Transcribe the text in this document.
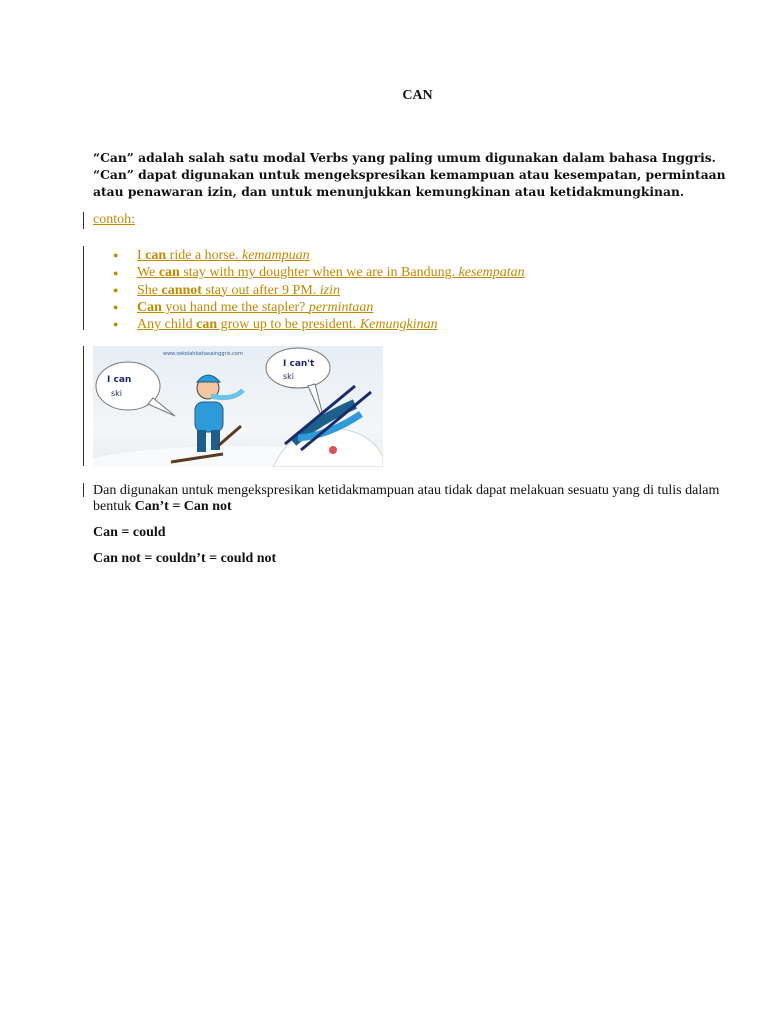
CAN
“Can” adalah salah satu modal Verbs yang paling umum digunakan dalam bahasa Inggris.
“Can” dapat digunakan untuk mengekspresikan kemampuan atau kesempatan, permintaan atau penawaran izin, dan untuk menunjukkan kemungkinan atau ketidakmungkinan.
contoh:
● I can ride a horse. kemampuan
● We can stay with my doughter when we are in Bandung. kesempatan
● She cannot stay out after 9 PM. izin
● Can you hand me the stapler? permintaan
● Any child can grow up to be president. Kemungkinan
I can
ski
www.sekolahbahasainggris.com
I can't
ski
Dan digunakan untuk mengekspresikan ketidakmampuan atau tidak dapat melakuan sesuatu yang di tulis dalam bentuk Can’t = Can not
Can = could
Can not = couldn’t = could not
